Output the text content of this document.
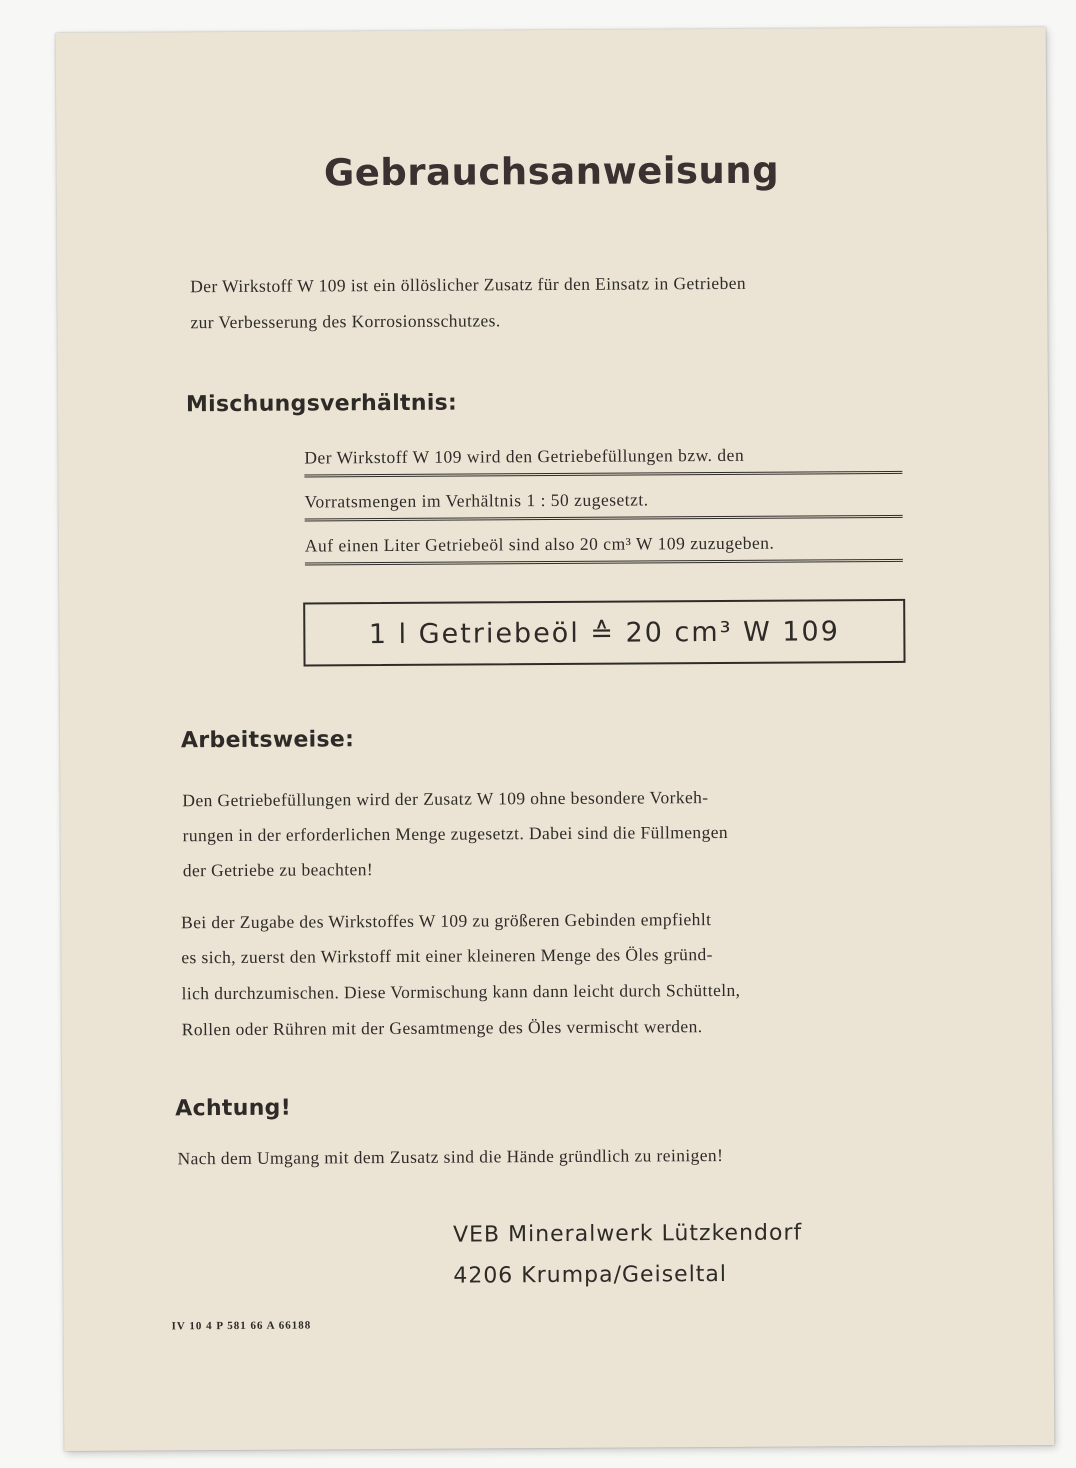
Gebrauchsanweisung
Der Wirkstoff W 109 ist ein öllöslicher Zusatz für den Einsatz in Getrieben
zur Verbesserung des Korrosionsschutzes.
Mischungsverhältnis:
Der Wirkstoff W 109 wird den Getriebefüllungen bzw. den
Vorratsmengen im Verhältnis 1 : 50 zugesetzt.
Auf einen Liter Getriebeöl sind also 20 cm³ W 109 zuzugeben.
1 l Getriebeöl ≙ 20 cm³ W 109
Arbeitsweise:
Den Getriebefüllungen wird der Zusatz W 109 ohne besondere Vorkeh-
rungen in der erforderlichen Menge zugesetzt. Dabei sind die Füllmengen
der Getriebe zu beachten!
Bei der Zugabe des Wirkstoffes W 109 zu größeren Gebinden empfiehlt
es sich, zuerst den Wirkstoff mit einer kleineren Menge des Öles gründ-
lich durchzumischen. Diese Vormischung kann dann leicht durch Schütteln,
Rollen oder Rühren mit der Gesamtmenge des Öles vermischt werden.
Achtung!
Nach dem Umgang mit dem Zusatz sind die Hände gründlich zu reinigen!
VEB Mineralwerk Lützkendorf
4206 Krumpa/Geiseltal
IV 10 4 P 581 66 A 66188
